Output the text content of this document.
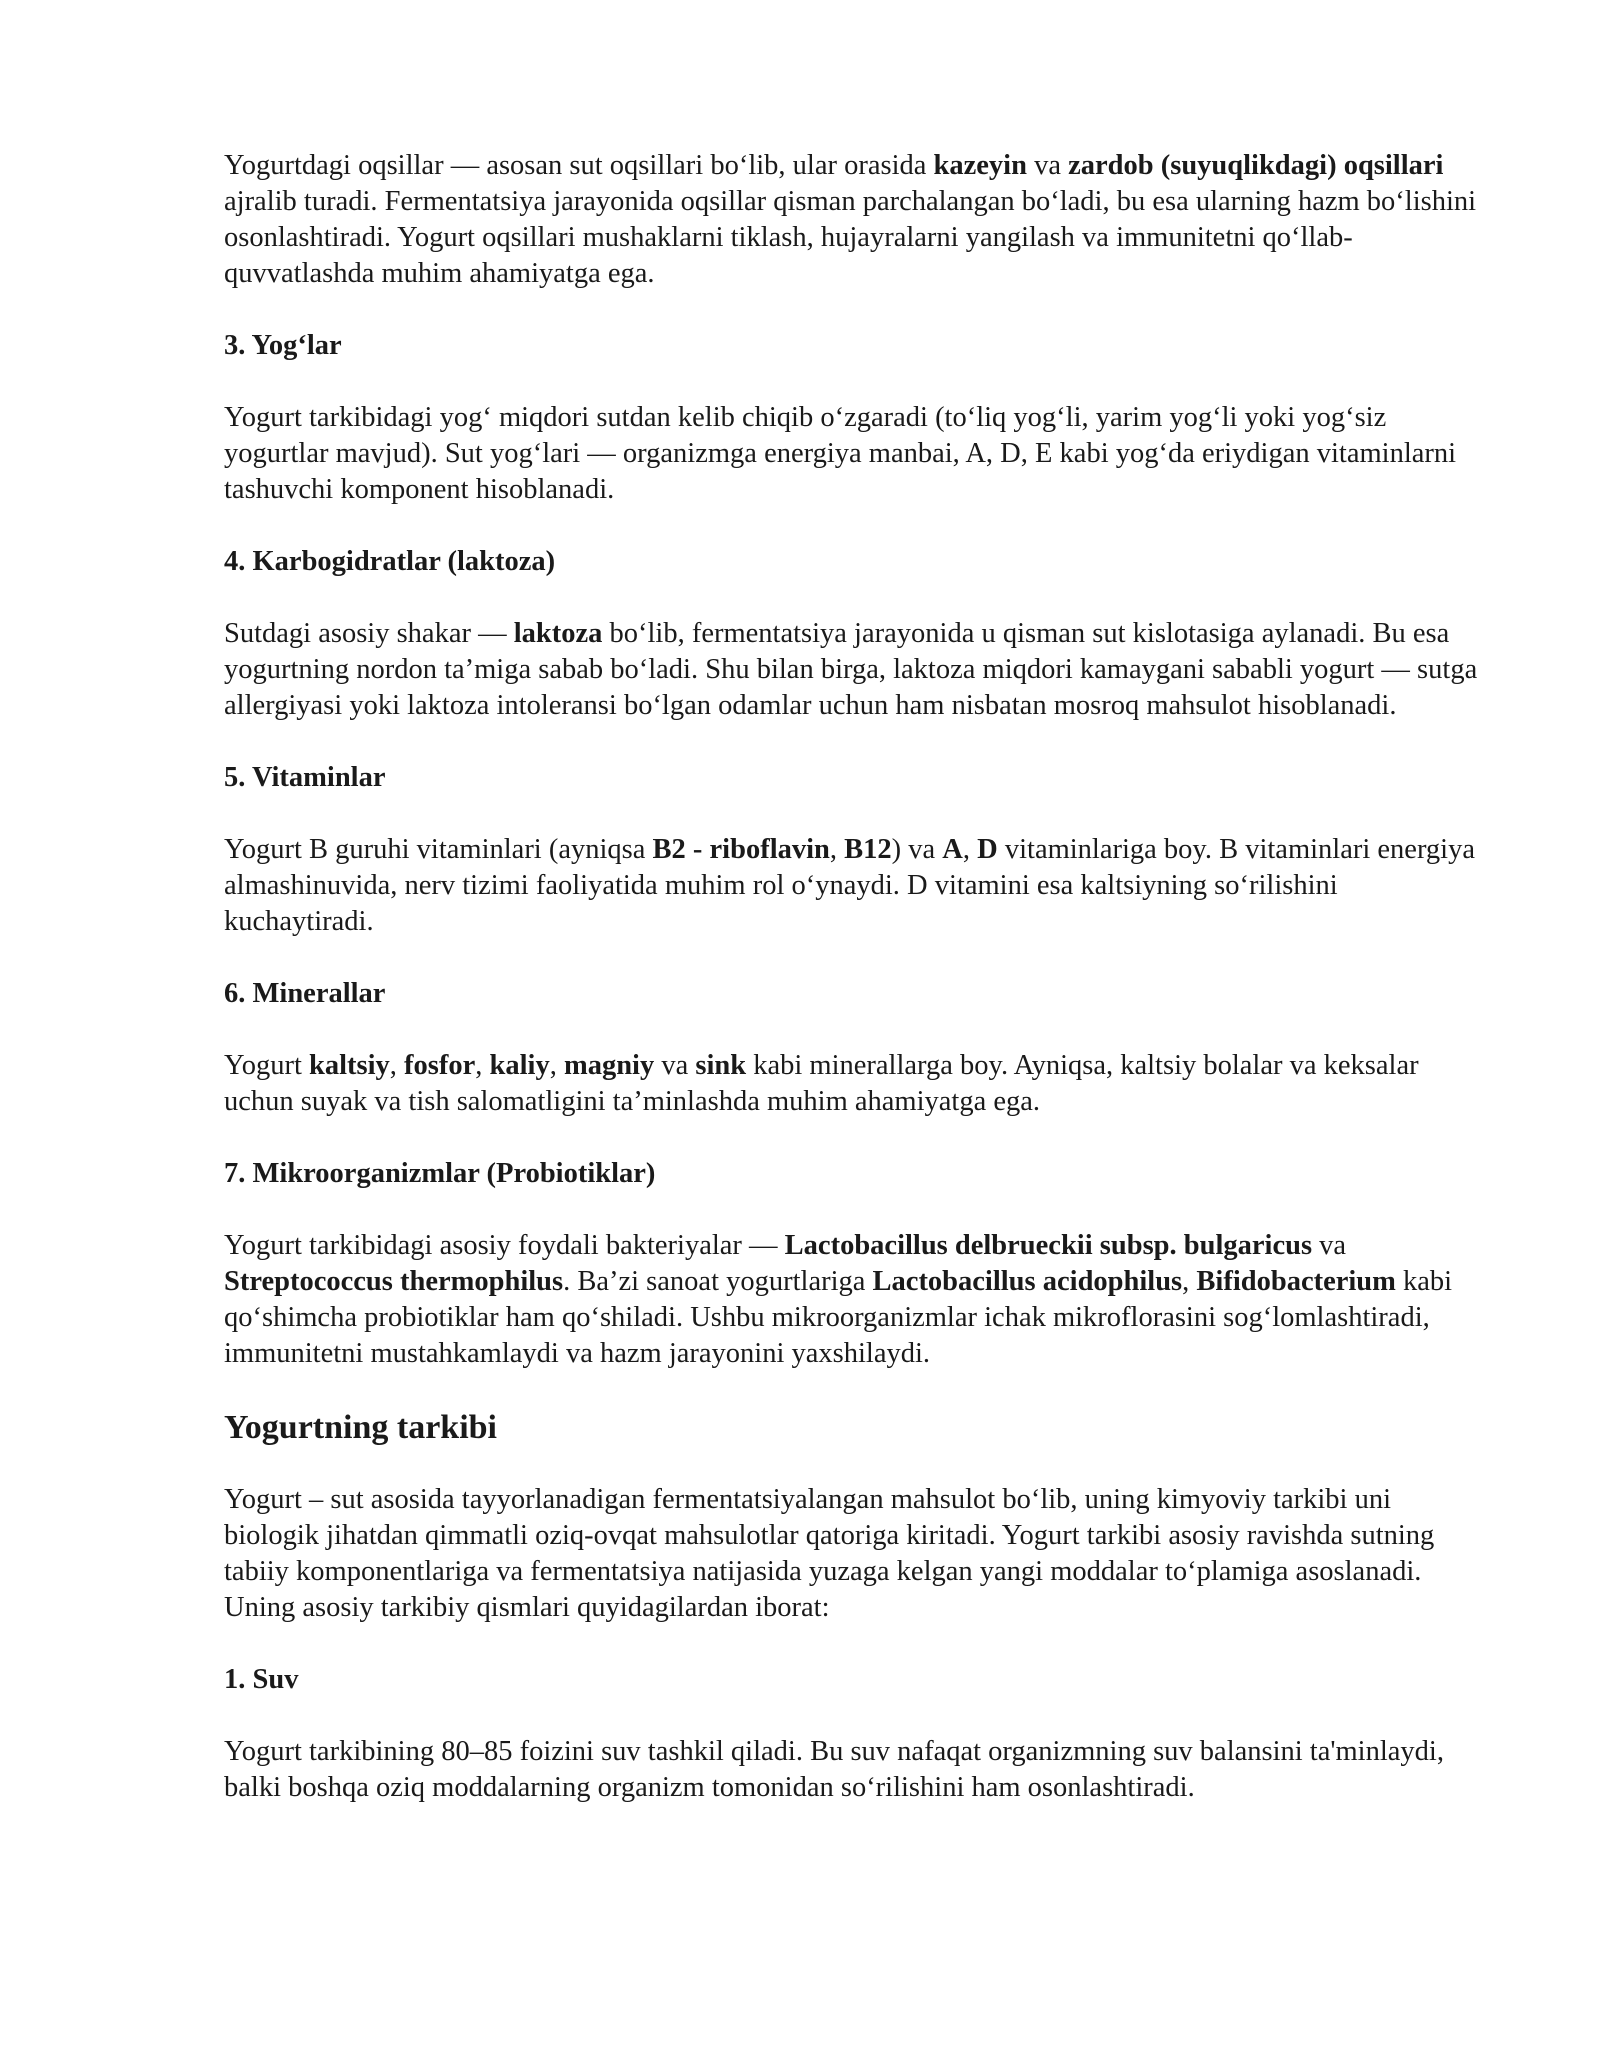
Yogurtdagi oqsillar — asosan sut oqsillari bo‘lib, ular orasida kazeyin va zardob (suyuqlikdagi) oqsillari ajralib turadi. Fermentatsiya jarayonida oqsillar qisman parchalangan bo‘ladi, bu esa ularning hazm bo‘lishini osonlashtiradi. Yogurt oqsillari mushaklarni tiklash, hujayralarni yangilash va immunitetni qo‘llab-quvvatlashda muhim ahamiyatga ega.

3. Yog‘lar

Yogurt tarkibidagi yog‘ miqdori sutdan kelib chiqib o‘zgaradi (to‘liq yog‘li, yarim yog‘li yoki yog‘siz yogurtlar mavjud). Sut yog‘lari — organizmga energiya manbai, A, D, E kabi yog‘da eriydigan vitaminlarni tashuvchi komponent hisoblanadi.

4. Karbogidratlar (laktoza)

Sutdagi asosiy shakar — laktoza bo‘lib, fermentatsiya jarayonida u qisman sut kislotasiga aylanadi. Bu esa yogurtning nordon ta’miga sabab bo‘ladi. Shu bilan birga, laktoza miqdori kamaygani sababli yogurt — sutga allergiyasi yoki laktoza intoleransi bo‘lgan odamlar uchun ham nisbatan mosroq mahsulot hisoblanadi.

5. Vitaminlar

Yogurt B guruhi vitaminlari (ayniqsa B2 - riboflavin, B12) va A, D vitaminlariga boy. B vitaminlari energiya almashinuvida, nerv tizimi faoliyatida muhim rol o‘ynaydi. D vitamini esa kaltsiyning so‘rilishini kuchaytiradi.

6. Minerallar

Yogurt kaltsiy, fosfor, kaliy, magniy va sink kabi minerallarga boy. Ayniqsa, kaltsiy bolalar va keksalar uchun suyak va tish salomatligini ta’minlashda muhim ahamiyatga ega.

7. Mikroorganizmlar (Probiotiklar)

Yogurt tarkibidagi asosiy foydali bakteriyalar — Lactobacillus delbrueckii subsp. bulgaricus va Streptococcus thermophilus. Ba’zi sanoat yogurtlariga Lactobacillus acidophilus, Bifidobacterium kabi qo‘shimcha probiotiklar ham qo‘shiladi. Ushbu mikroorganizmlar ichak mikroflorasini sog‘lomlashtiradi, immunitetni mustahkamlaydi va hazm jarayonini yaxshilaydi.

Yogurtning tarkibi

Yogurt – sut asosida tayyorlanadigan fermentatsiyalangan mahsulot bo‘lib, uning kimyoviy tarkibi uni biologik jihatdan qimmatli oziq-ovqat mahsulotlar qatoriga kiritadi. Yogurt tarkibi asosiy ravishda sutning tabiiy komponentlariga va fermentatsiya natijasida yuzaga kelgan yangi moddalar to‘plamiga asoslanadi. Uning asosiy tarkibiy qismlari quyidagilardan iborat:

1. Suv

Yogurt tarkibining 80–85 foizini suv tashkil qiladi. Bu suv nafaqat organizmning suv balansini ta'minlaydi, balki boshqa oziq moddalarning organizm tomonidan so‘rilishini ham osonlashtiradi.
